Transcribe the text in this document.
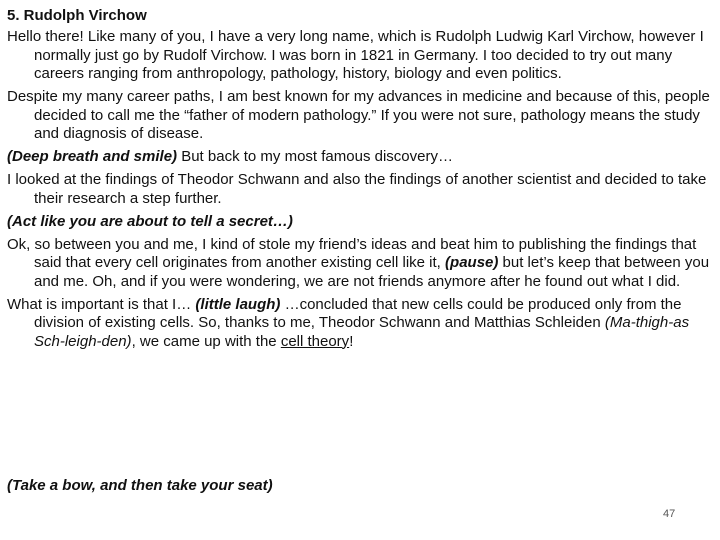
5. Rudolph Virchow

Hello there! Like many of you, I have a very long name, which is Rudolph Ludwig Karl Virchow, however I normally just go by Rudolf Virchow. I was born in 1821 in Germany. I too decided to try out many careers ranging from anthropology, pathology, history, biology and even politics.

Despite my many career paths, I am best known for my advances in medicine and because of this, people decided to call me the “father of modern pathology.” If you were not sure, pathology means the study and diagnosis of disease.

(Deep breath and smile) But back to my most famous discovery…

I looked at the findings of Theodor Schwann and also the findings of another scientist and decided to take their research a step further.

(Act like you are about to tell a secret…)

Ok, so between you and me, I kind of stole my friend’s ideas and beat him to publishing the findings that said that every cell originates from another existing cell like it, (pause) but let’s keep that between you and me. Oh, and if you were wondering, we are not friends anymore after he found out what I did.

What is important is that I… (little laugh) …concluded that new cells could be produced only from the division of existing cells. So, thanks to me, Theodor Schwann and Matthias Schleiden (Ma-thigh-as Sch-leigh-den), we came up with the cell theory!

(Take a bow, and then take your seat)
47
